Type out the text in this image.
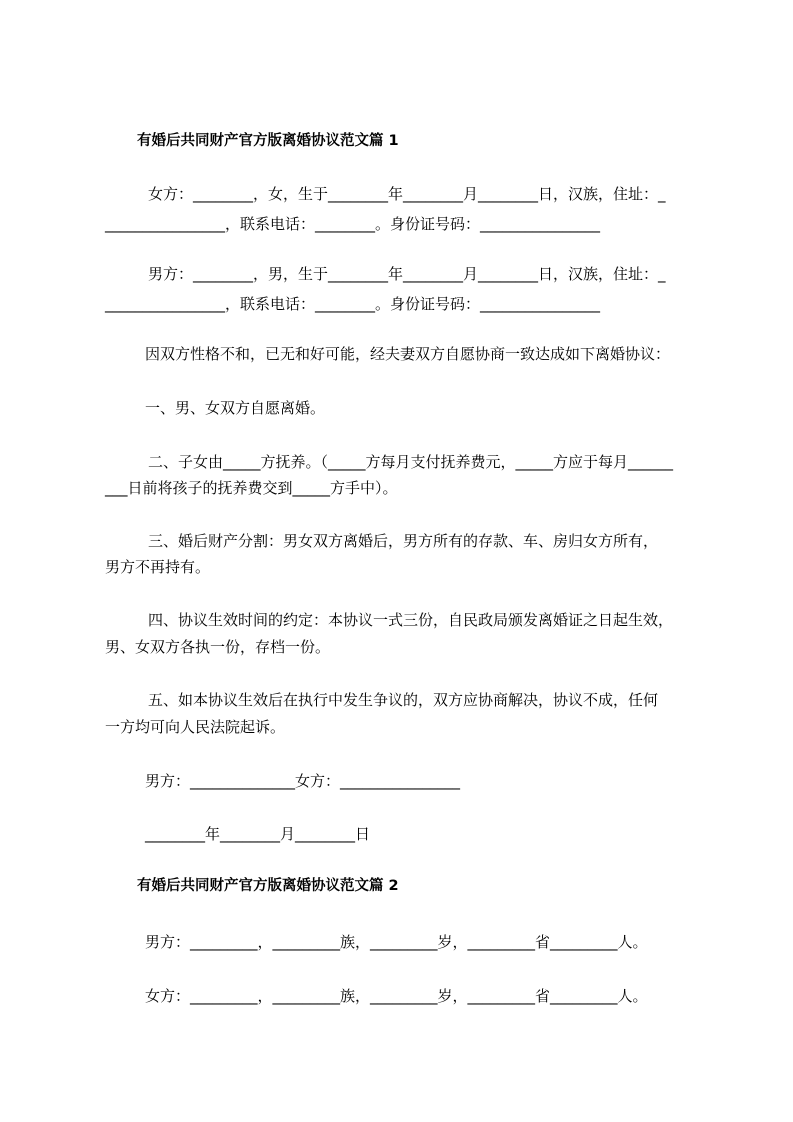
有婚后共同财产官方版离婚协议范文篇 1
女方：________，女，生于________年________月________日，汉族，住址：_
________________，联系电话：________。身份证号码：________________
男方：________，男，生于________年________月________日，汉族，住址：_
________________，联系电话：________。身份证号码：________________
因双方性格不和，已无和好可能，经夫妻双方自愿协商一致达成如下离婚协议：
一、男、女双方自愿离婚。
二、子女由_____方抚养。（_____方每月支付抚养费元，_____方应于每月______
___日前将孩子的抚养费交到_____方手中）。
三、婚后财产分割：男女双方离婚后，男方所有的存款、车、房归女方所有，
男方不再持有。
四、协议生效时间的约定：本协议一式三份，自民政局颁发离婚证之日起生效，
男、女双方各执一份，存档一份。
五、如本协议生效后在执行中发生争议的，双方应协商解决，协议不成，任何
一方均可向人民法院起诉。
男方：______________女方：________________
________年________月________日
有婚后共同财产官方版离婚协议范文篇 2
男方：_________，_________族，_________岁，_________省_________人。
女方：_________，_________族，_________岁，_________省_________人。
